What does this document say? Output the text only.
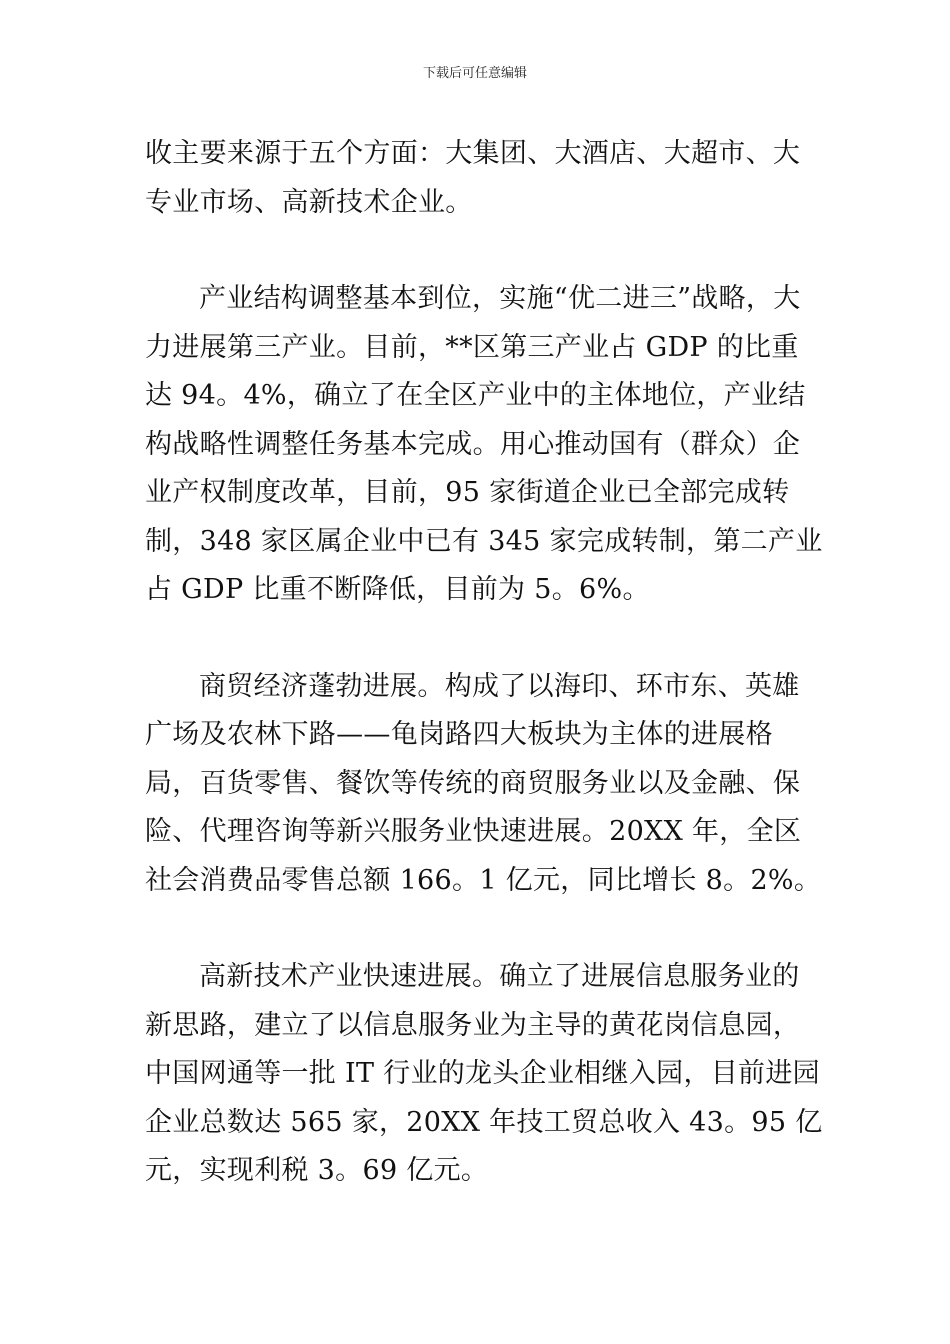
下载后可任意编辑

收主要来源于五个方面：大集团、大酒店、大超市、大专业市场、高新技术企业。

产业结构调整基本到位，实施“优二进三”战略，大力进展第三产业。目前，**区第三产业占 GDP 的比重达 94。4%，确立了在全区产业中的主体地位，产业结构战略性调整任务基本完成。用心推动国有（群众）企业产权制度改革，目前，95 家街道企业已全部完成转制，348 家区属企业中已有 345 家完成转制，第二产业占 GDP 比重不断降低，目前为 5。6%。

商贸经济蓬勃进展。构成了以海印、环市东、英雄广场及农林下路——龟岗路四大板块为主体的进展格局，百货零售、餐饮等传统的商贸服务业以及金融、保险、代理咨询等新兴服务业快速进展。20XX 年，全区社会消费品零售总额 166。1 亿元，同比增长 8。2%。

高新技术产业快速进展。确立了进展信息服务业的新思路，建立了以信息服务业为主导的黄花岗信息园，中国网通等一批 IT 行业的龙头企业相继入园，目前进园企业总数达 565 家，20XX 年技工贸总收入 43。95 亿元，实现利税 3。69 亿元。
